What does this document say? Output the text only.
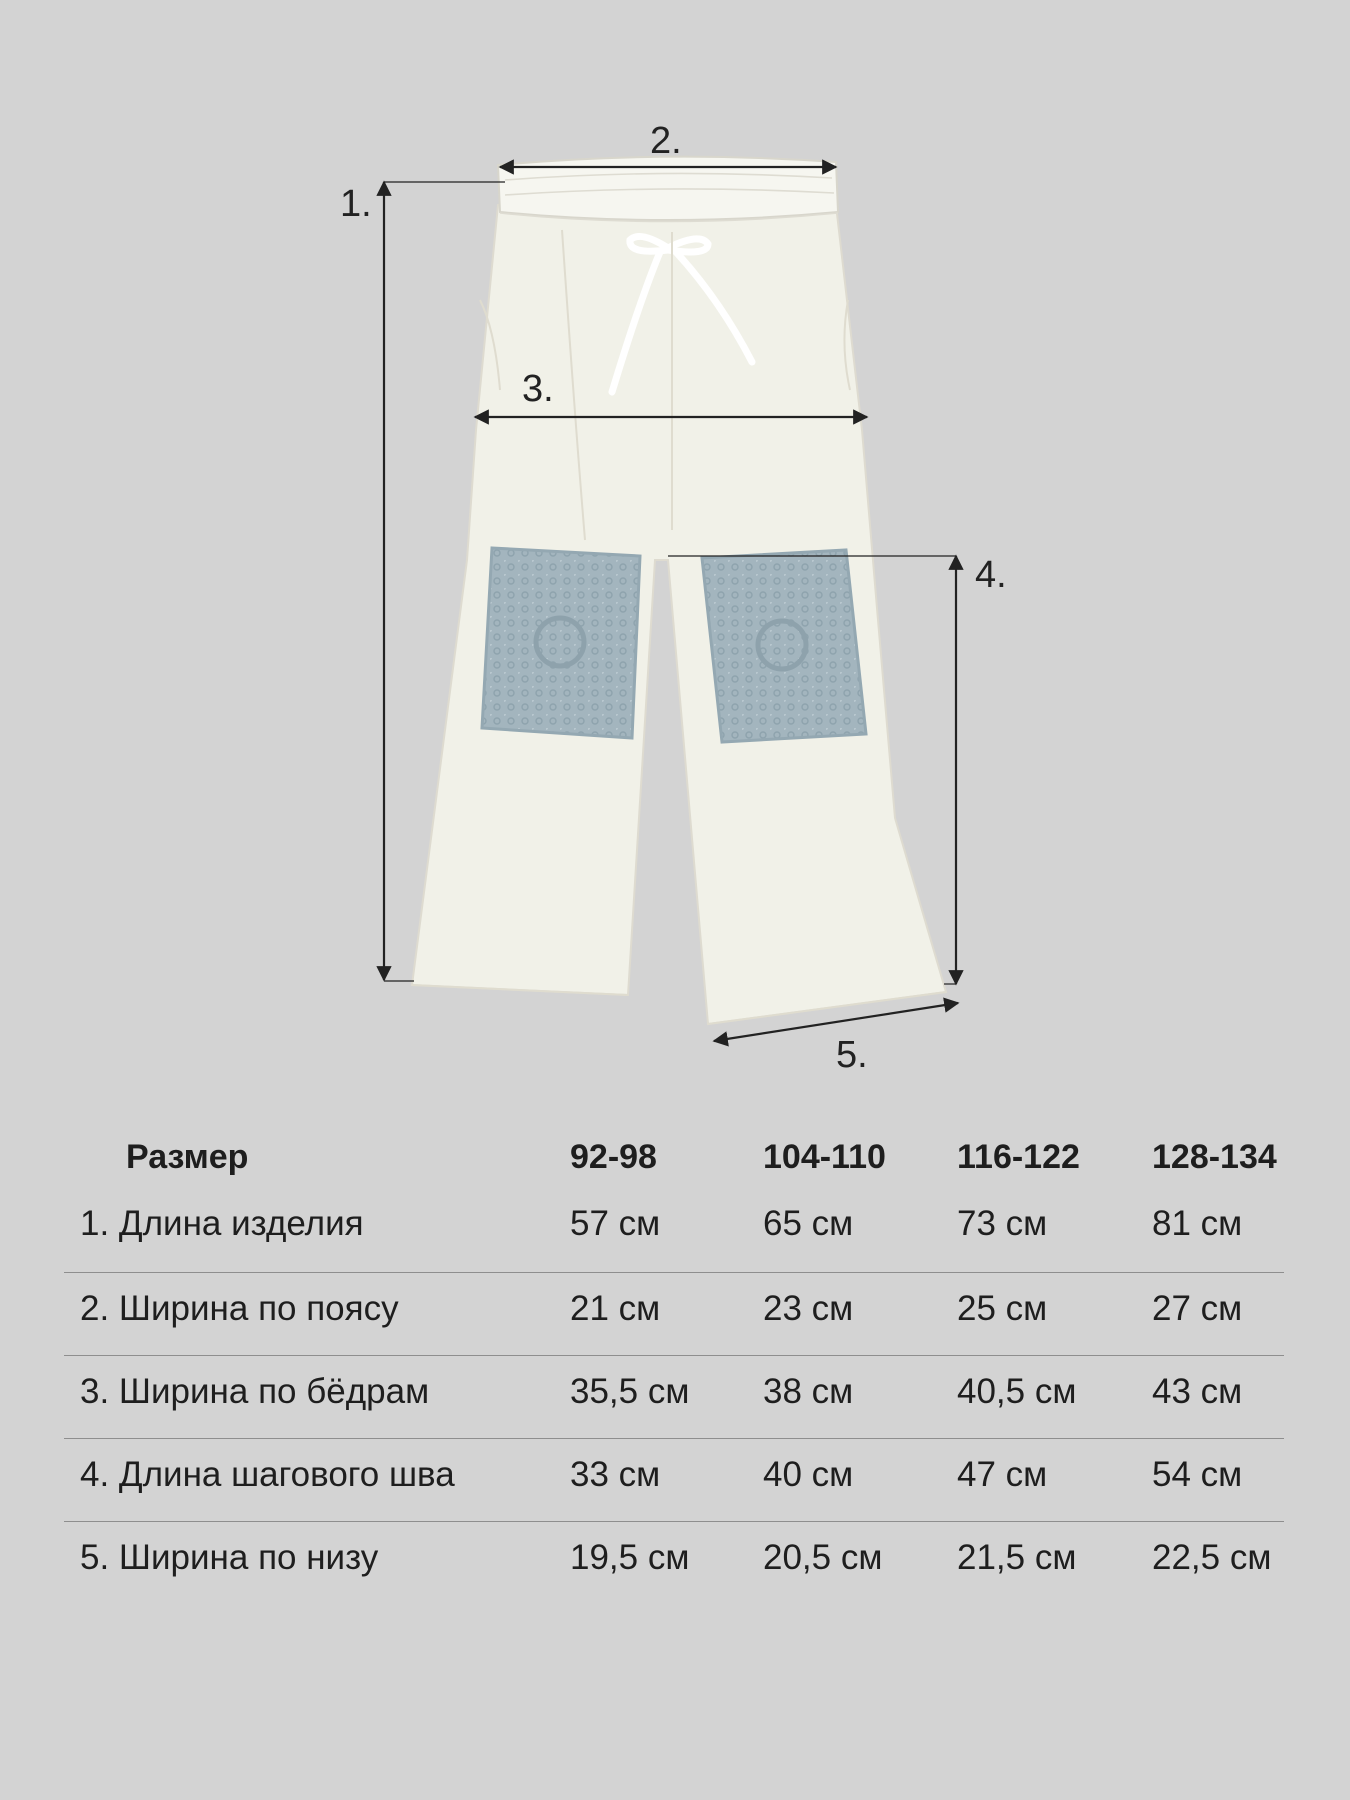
1.
2.
3.
4.
5.
Размер	92-98	104-110 116-122 128-134
1. Длина изделия	57 см	65 см	73 см	81 см
2. Ширина по поясу	21 см	23 см	25 см	27 см
3. Ширина по бёдрам	35,5 см 38 см	40,5 см 43 см
4. Длина шагового шва	33 см	40 см	47 см	54 см
5. Ширина по низу	19,5 см 20,5 см 21,5 см 22,5 см
